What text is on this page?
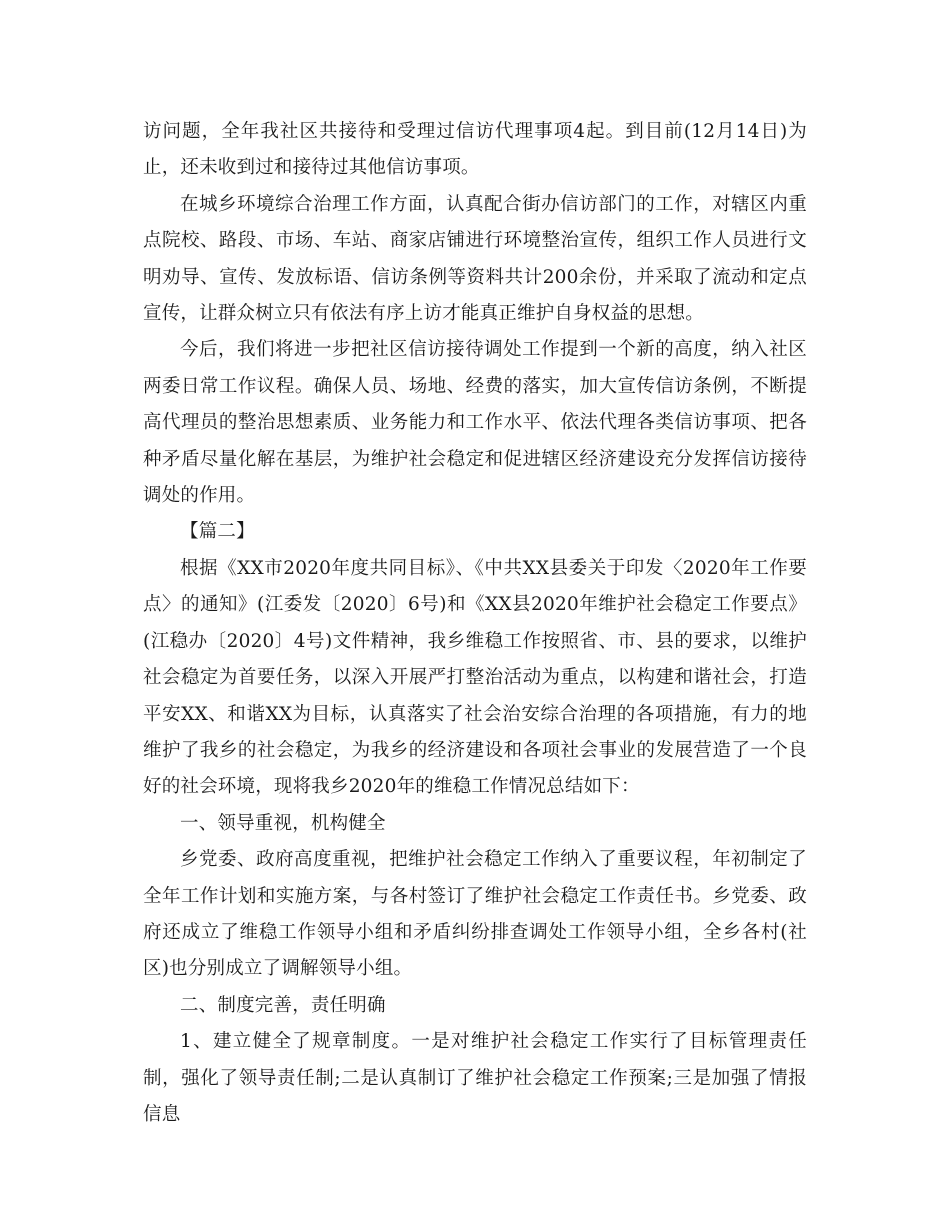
访问题，全年我社区共接待和受理过信访代理事项4起。到目前(12月14日)为止，还未收到过和接待过其他信访事项。

在城乡环境综合治理工作方面，认真配合街办信访部门的工作，对辖区内重点院校、路段、市场、车站、商家店铺进行环境整治宣传，组织工作人员进行文明劝导、宣传、发放标语、信访条例等资料共计200余份，并采取了流动和定点宣传，让群众树立只有依法有序上访才能真正维护自身权益的思想。

今后，我们将进一步把社区信访接待调处工作提到一个新的高度，纳入社区两委日常工作议程。确保人员、场地、经费的落实，加大宣传信访条例，不断提高代理员的整治思想素质、业务能力和工作水平、依法代理各类信访事项、把各种矛盾尽量化解在基层，为维护社会稳定和促进辖区经济建设充分发挥信访接待调处的作用。

【篇二】

根据《XX市2020年度共同目标》、《中共XX县委关于印发〈2020年工作要点〉的通知》(江委发〔2020〕6号)和《XX县2020年维护社会稳定工作要点》(江稳办〔2020〕4号)文件精神，我乡维稳工作按照省、市、县的要求，以维护社会稳定为首要任务，以深入开展严打整治活动为重点，以构建和谐社会，打造平安XX、和谐XX为目标，认真落实了社会治安综合治理的各项措施，有力的地维护了我乡的社会稳定，为我乡的经济建设和各项社会事业的发展营造了一个良好的社会环境，现将我乡2020年的维稳工作情况总结如下：

一、领导重视，机构健全

乡党委、政府高度重视，把维护社会稳定工作纳入了重要议程，年初制定了全年工作计划和实施方案，与各村签订了维护社会稳定工作责任书。乡党委、政府还成立了维稳工作领导小组和矛盾纠纷排查调处工作领导小组，全乡各村(社区)也分别成立了调解领导小组。

二、制度完善，责任明确

1、建立健全了规章制度。一是对维护社会稳定工作实行了目标管理责任制，强化了领导责任制;二是认真制订了维护社会稳定工作预案;三是加强了情报信息
